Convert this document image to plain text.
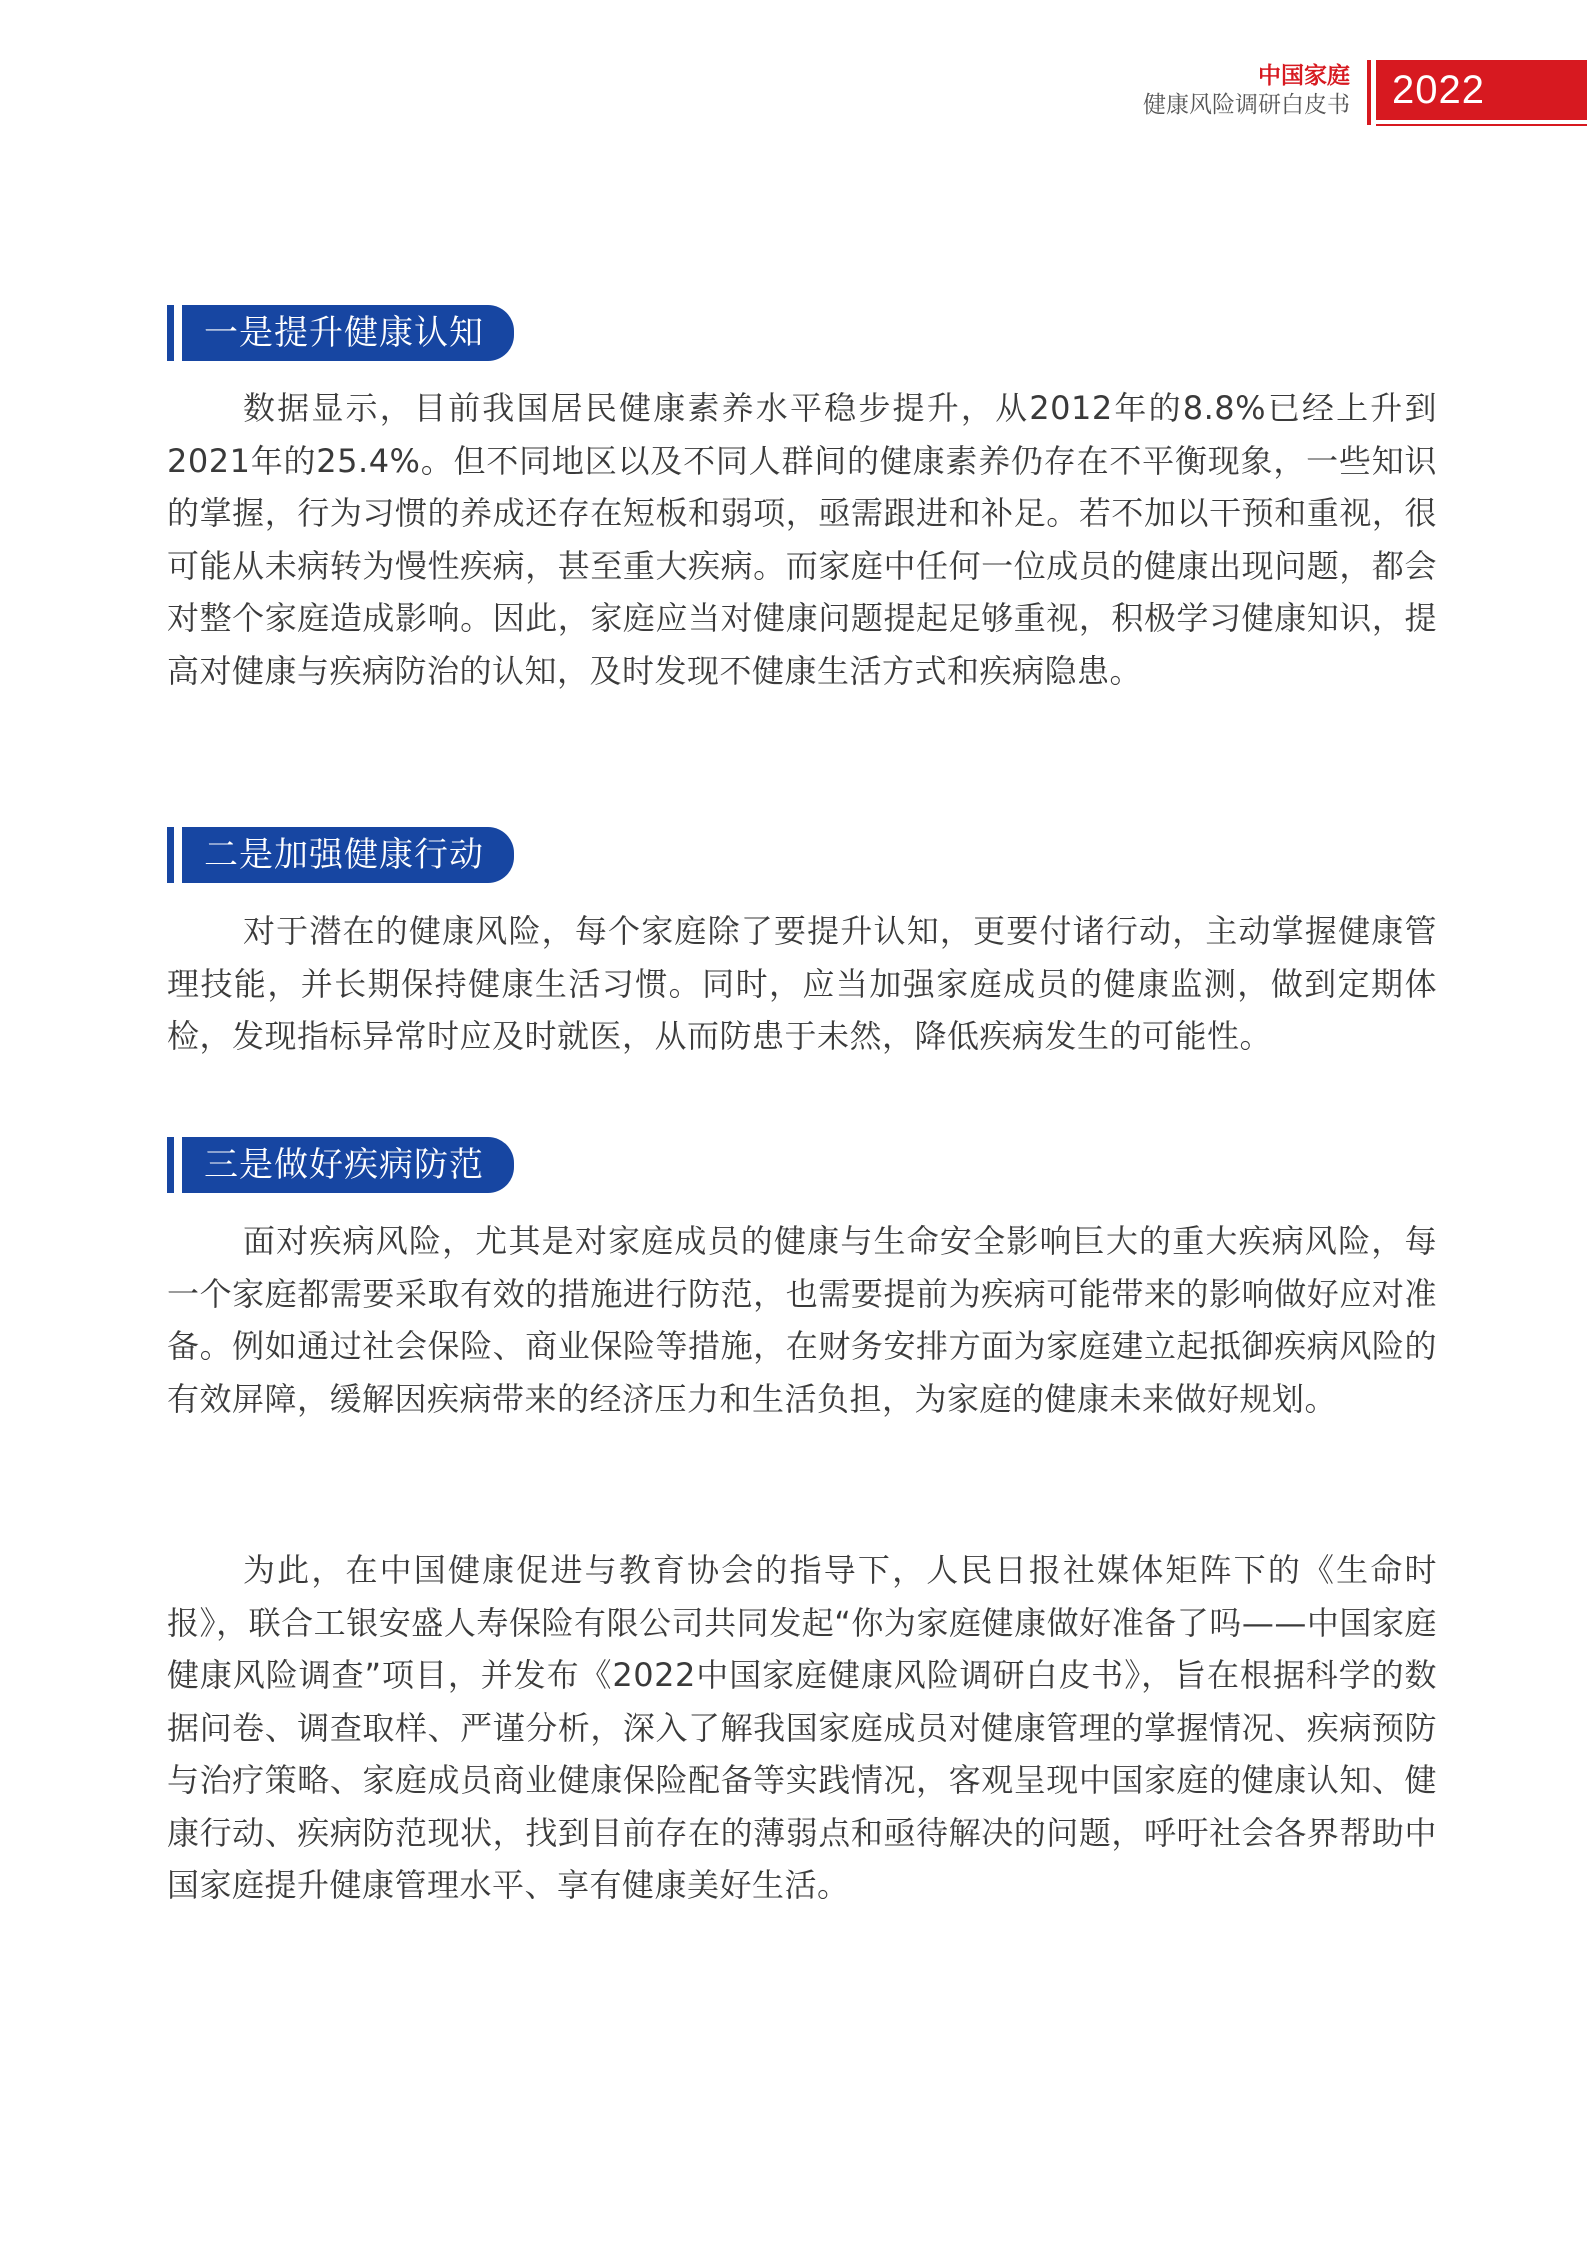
中国家庭
健康风险调研白皮书	2022
一是提升健康认知

数据显示，目前我国居民健康素养水平稳步提升，从2012年的8.8%已经上升到2021年的25.4%。但不同地区以及不同人群间的健康素养仍存在不平衡现象，一些知识的掌握，行为习惯的养成还存在短板和弱项，亟需跟进和补足。若不加以干预和重视，很可能从未病转为慢性疾病，甚至重大疾病。而家庭中任何一位成员的健康出现问题，都会对整个家庭造成影响。因此，家庭应当对健康问题提起足够重视，积极学习健康知识，提高对健康与疾病防治的认知，及时发现不健康生活方式和疾病隐患。

二是加强健康行动

对于潜在的健康风险，每个家庭除了要提升认知，更要付诸行动，主动掌握健康管理技能，并长期保持健康生活习惯。同时，应当加强家庭成员的健康监测，做到定期体检，发现指标异常时应及时就医，从而防患于未然，降低疾病发生的可能性。

三是做好疾病防范

面对疾病风险，尤其是对家庭成员的健康与生命安全影响巨大的重大疾病风险，每一个家庭都需要采取有效的措施进行防范，也需要提前为疾病可能带来的影响做好应对准备。例如通过社会保险、商业保险等措施，在财务安排方面为家庭建立起抵御疾病风险的有效屏障，缓解因疾病带来的经济压力和生活负担，为家庭的健康未来做好规划。

为此，在中国健康促进与教育协会的指导下，人民日报社媒体矩阵下的《生命时报》，联合工银安盛人寿保险有限公司共同发起“你为家庭健康做好准备了吗——中国家庭健康风险调查”项目，并发布《2022中国家庭健康风险调研白皮书》，旨在根据科学的数据问卷、调查取样、严谨分析，深入了解我国家庭成员对健康管理的掌握情况、疾病预防与治疗策略、家庭成员商业健康保险配备等实践情况，客观呈现中国家庭的健康认知、健康行动、疾病防范现状，找到目前存在的薄弱点和亟待解决的问题，呼吁社会各界帮助中国家庭提升健康管理水平、享有健康美好生活。
